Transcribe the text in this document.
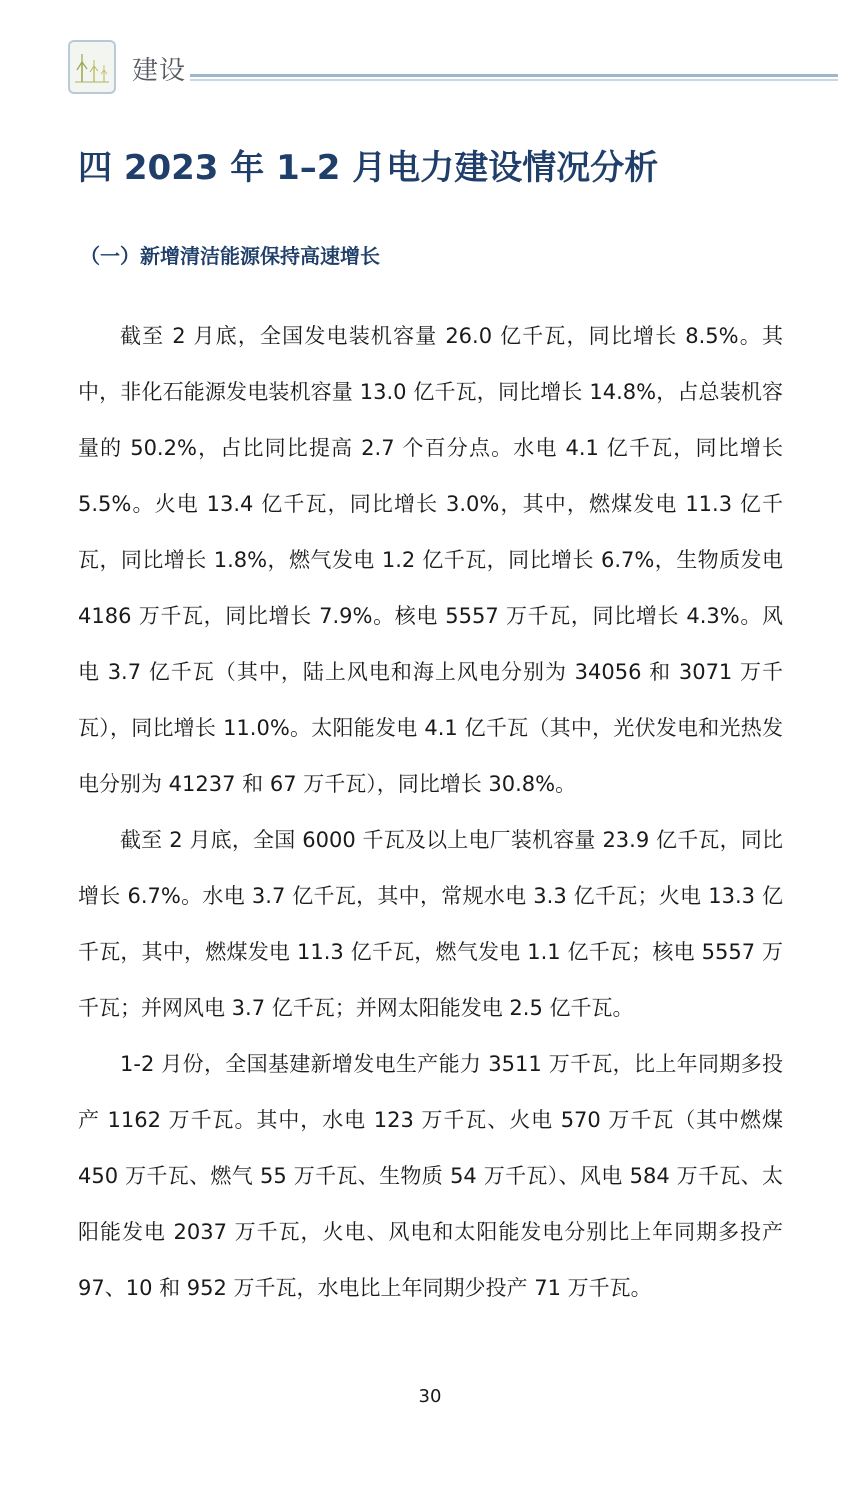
建设
四 2023 年 1–2 月电力建设情况分析
（一）新增清洁能源保持高速增长

截至 2 月底，全国发电装机容量 26.0 亿千瓦，同比增长 8.5%。其中，非化石能源发电装机容量 13.0 亿千瓦，同比增长 14.8%，占总装机容量的 50.2%，占比同比提高 2.7 个百分点。水电 4.1 亿千瓦，同比增长 5.5%。火电 13.4 亿千瓦，同比增长 3.0%，其中，燃煤发电 11.3 亿千瓦，同比增长 1.8%，燃气发电 1.2 亿千瓦，同比增长 6.7%，生物质发电 4186 万千瓦，同比增长 7.9%。核电 5557 万千瓦，同比增长 4.3%。风电 3.7 亿千瓦（其中，陆上风电和海上风电分别为 34056 和 3071 万千瓦），同比增长 11.0%。太阳能发电 4.1 亿千瓦（其中，光伏发电和光热发电分别为 41237 和 67 万千瓦），同比增长 30.8%。

截至 2 月底，全国 6000 千瓦及以上电厂装机容量 23.9 亿千瓦，同比增长 6.7%。水电 3.7 亿千瓦，其中，常规水电 3.3 亿千瓦；火电 13.3 亿千瓦，其中，燃煤发电 11.3 亿千瓦，燃气发电 1.1 亿千瓦；核电 5557 万千瓦；并网风电 3.7 亿千瓦；并网太阳能发电 2.5 亿千瓦。

1-2 月份，全国基建新增发电生产能力 3511 万千瓦，比上年同期多投产 1162 万千瓦。其中，水电 123 万千瓦、火电 570 万千瓦（其中燃煤 450 万千瓦、燃气 55 万千瓦、生物质 54 万千瓦）、风电 584 万千瓦、太阳能发电 2037 万千瓦，火电、风电和太阳能发电分别比上年同期多投产 97、10 和 952 万千瓦，水电比上年同期少投产 71 万千瓦。

30
